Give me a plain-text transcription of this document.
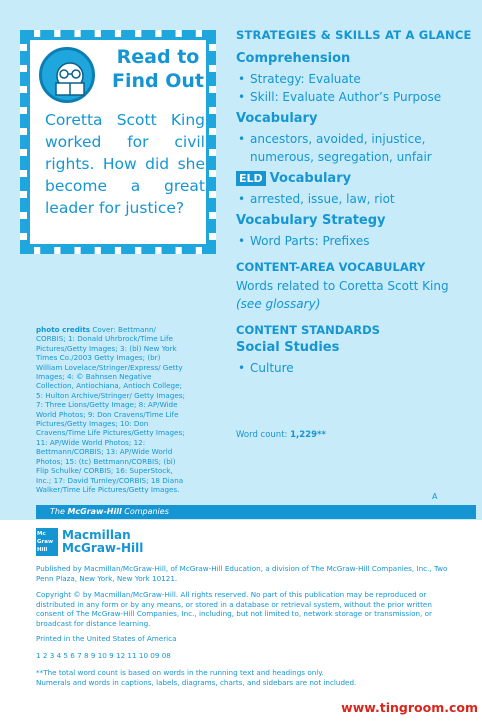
Read to
Find Out
Coretta Scott King worked for civil rights. How did she become a great leader for justice?
STRATEGIES & SKILLS AT A GLANCE
Comprehension
• Strategy: Evaluate
• Skill: Evaluate Author’s Purpose
Vocabulary
• ancestors, avoided, injustice,
numerous, segregation, unfair
ELD Vocabulary
• arrested, issue, law, riot
Vocabulary Strategy
• Word Parts: Prefixes
CONTENT-AREA VOCABULARY
Words related to Coretta Scott King
(see glossary)
CONTENT STANDARDS
Social Studies
• Culture
photo credits Cover: Bettmann/ CORBIS; 1: Donald Uhrbrock/Time Life Pictures/Getty Images; 3: (bl) New York Times Co./2003 Getty Images; (br) William Lovelace/Stringer/Express/ Getty Images; 4: © Bahnsen Negative Collection, Antiochiana, Antioch College; 5: Hulton Archive/Stringer/ Getty Images; 7: Three Lions/Getty Image; 8: AP/Wide World Photos; 9: Don Cravens/Time Life Pictures/Getty Images; 10: Don Cravens/Time Life Pictures/Getty Images; 11: AP/Wide World Photos; 12: Bettmann/CORBIS; 13: AP/Wide World Photos; 15: (tc) Bettmann/CORBIS; (bl) Flip Schulke/ CORBIS; 16: SuperStock, Inc.; 17: David Turnley/CORBIS; 18 Diana Walker/Time Life Pictures/Getty Images.
Word count: 1,229**
A
The McGraw-Hill Companies
Mc
Graw
Hill
Macmillan
McGraw-Hill
Published by Macmillan/McGraw-Hill, of McGraw-Hill Education, a division of The McGraw-Hill Companies, Inc., Two Penn Plaza, New York, New York 10121.
Copyright © by Macmillan/McGraw-Hill. All rights reserved. No part of this publication may be reproduced or distributed in any form or by any means, or stored in a database or retrieval system, without the prior written consent of The McGraw-Hill Companies, Inc., including, but not limited to, network storage or transmission, or broadcast for distance learning.
Printed in the United States of America
1 2 3 4 5 6 7 8 9 10 9 12 11 10 09 08
**The total word count is based on words in the running text and headings only.
Numerals and words in captions, labels, diagrams, charts, and sidebars are not included.
www.tingroom.com
